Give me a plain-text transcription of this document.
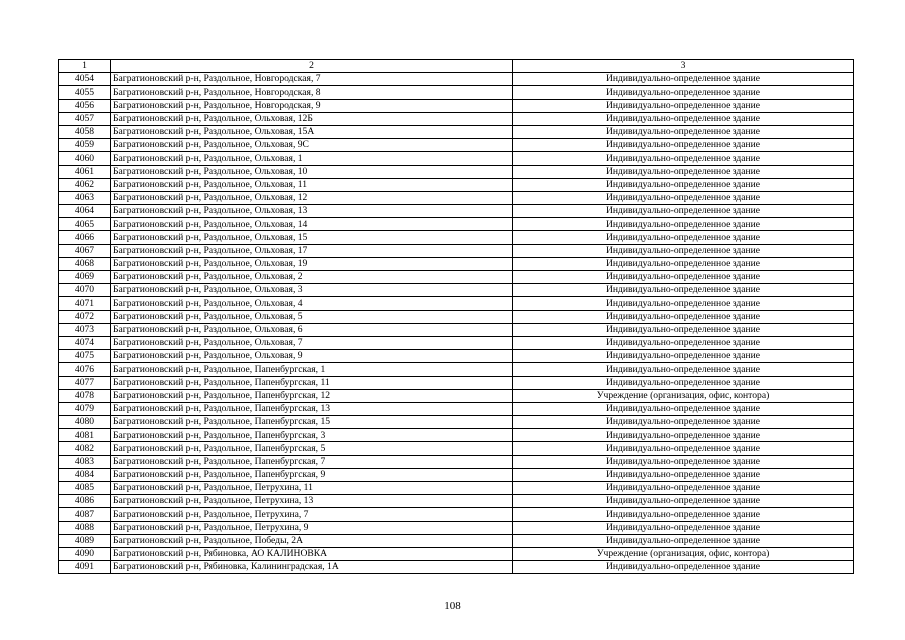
1	2	3
4054	Багратионовский р-н, Раздольное, Новгородская, 7	Индивидуально-определенное здание
4055	Багратионовский р-н, Раздольное, Новгородская, 8	Индивидуально-определенное здание
4056	Багратионовский р-н, Раздольное, Новгородская, 9	Индивидуально-определенное здание
4057	Багратионовский р-н, Раздольное, Ольховая, 12Б	Индивидуально-определенное здание
4058	Багратионовский р-н, Раздольное, Ольховая, 15А	Индивидуально-определенное здание
4059	Багратионовский р-н, Раздольное, Ольховая, 9С	Индивидуально-определенное здание
4060	Багратионовский р-н, Раздольное, Ольховая, 1	Индивидуально-определенное здание
4061	Багратионовский р-н, Раздольное, Ольховая, 10	Индивидуально-определенное здание
4062	Багратионовский р-н, Раздольное, Ольховая, 11	Индивидуально-определенное здание
4063	Багратионовский р-н, Раздольное, Ольховая, 12	Индивидуально-определенное здание
4064	Багратионовский р-н, Раздольное, Ольховая, 13	Индивидуально-определенное здание
4065	Багратионовский р-н, Раздольное, Ольховая, 14	Индивидуально-определенное здание
4066	Багратионовский р-н, Раздольное, Ольховая, 15	Индивидуально-определенное здание
4067	Багратионовский р-н, Раздольное, Ольховая, 17	Индивидуально-определенное здание
4068	Багратионовский р-н, Раздольное, Ольховая, 19	Индивидуально-определенное здание
4069	Багратионовский р-н, Раздольное, Ольховая, 2	Индивидуально-определенное здание
4070	Багратионовский р-н, Раздольное, Ольховая, 3	Индивидуально-определенное здание
4071	Багратионовский р-н, Раздольное, Ольховая, 4	Индивидуально-определенное здание
4072	Багратионовский р-н, Раздольное, Ольховая, 5	Индивидуально-определенное здание
4073	Багратионовский р-н, Раздольное, Ольховая, 6	Индивидуально-определенное здание
4074	Багратионовский р-н, Раздольное, Ольховая, 7	Индивидуально-определенное здание
4075	Багратионовский р-н, Раздольное, Ольховая, 9	Индивидуально-определенное здание
4076	Багратионовский р-н, Раздольное, Папенбургская, 1	Индивидуально-определенное здание
4077	Багратионовский р-н, Раздольное, Папенбургская, 11	Индивидуально-определенное здание
4078	Багратионовский р-н, Раздольное, Папенбургская, 12	Учреждение (организация, офис, контора)
4079	Багратионовский р-н, Раздольное, Папенбургская, 13	Индивидуально-определенное здание
4080	Багратионовский р-н, Раздольное, Папенбургская, 15	Индивидуально-определенное здание
4081	Багратионовский р-н, Раздольное, Папенбургская, 3	Индивидуально-определенное здание
4082	Багратионовский р-н, Раздольное, Папенбургская, 5	Индивидуально-определенное здание
4083	Багратионовский р-н, Раздольное, Папенбургская, 7	Индивидуально-определенное здание
4084	Багратионовский р-н, Раздольное, Папенбургская, 9	Индивидуально-определенное здание
4085	Багратионовский р-н, Раздольное, Петрухина, 11	Индивидуально-определенное здание
4086	Багратионовский р-н, Раздольное, Петрухина, 13	Индивидуально-определенное здание
4087	Багратионовский р-н, Раздольное, Петрухина, 7	Индивидуально-определенное здание
4088	Багратионовский р-н, Раздольное, Петрухина, 9	Индивидуально-определенное здание
4089	Багратионовский р-н, Раздольное, Победы, 2А	Индивидуально-определенное здание
4090	Багратионовский р-н, Рябиновка, АО КАЛИНОВКА	Учреждение (организация, офис, контора)
4091	Багратионовский р-н, Рябиновка, Калининградская, 1А	Индивидуально-определенное здание
108
